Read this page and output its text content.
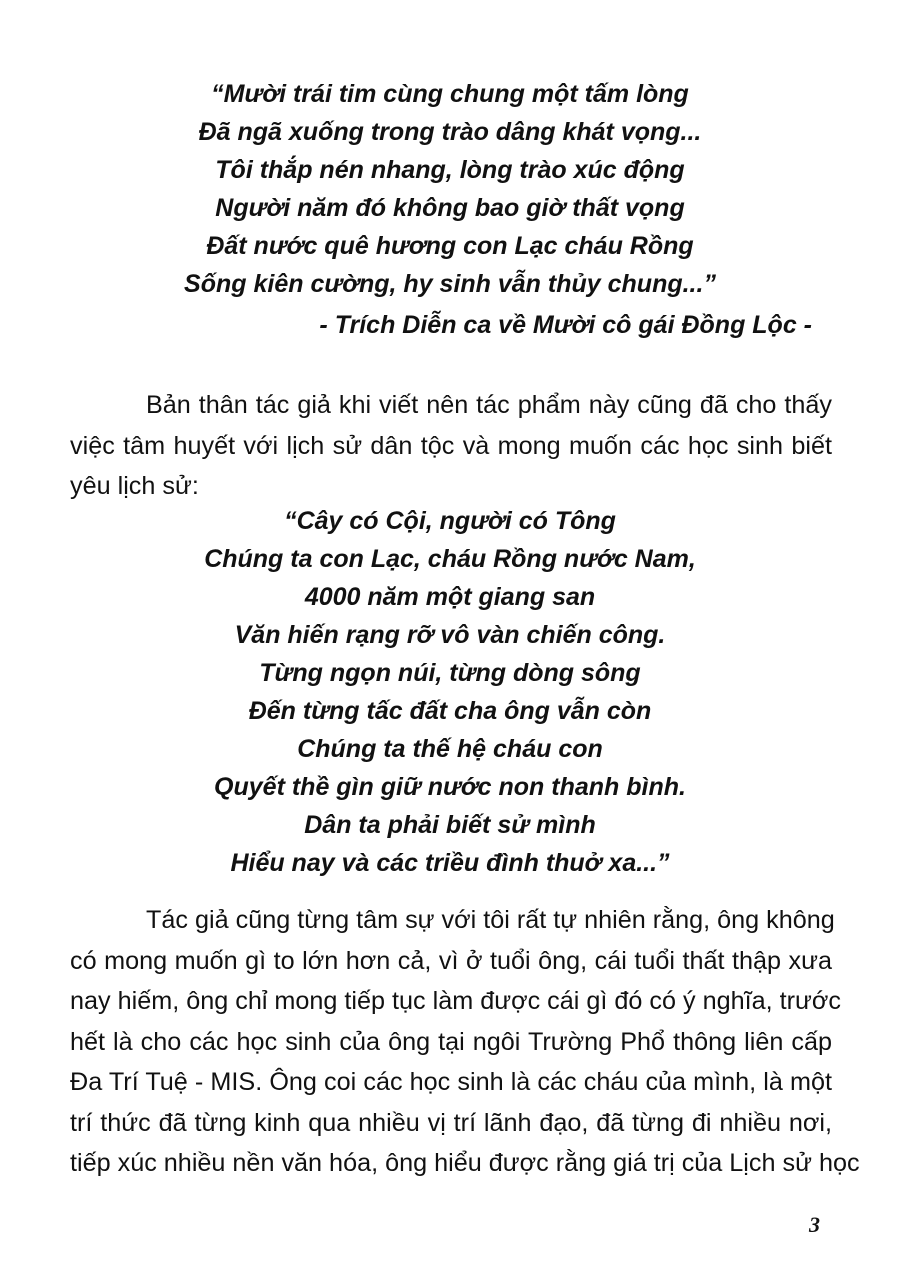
“Mười trái tim cùng chung một tấm lòng
Đã ngã xuống trong trào dâng khát vọng...
Tôi thắp nén nhang, lòng trào xúc động
Người năm đó không bao giờ thất vọng
Đất nước quê hương con Lạc cháu Rồng
Sống kiên cường, hy sinh vẫn thủy chung...”
- Trích Diễn ca về Mười cô gái Đồng Lộc -
Bản thân tác giả khi viết nên tác phẩm này cũng đã cho thấy
việc tâm huyết với lịch sử dân tộc và mong muốn các học sinh biết
yêu lịch sử:
“Cây có Cội, người có Tông
Chúng ta con Lạc, cháu Rồng nước Nam,
4000 năm một giang san
Văn hiến rạng rỡ vô vàn chiến công.
Từng ngọn núi, từng dòng sông
Đến từng tấc đất cha ông vẫn còn
Chúng ta thế hệ cháu con
Quyết thề gìn giữ nước non thanh bình.
Dân ta phải biết sử mình
Hiểu nay và các triều đình thuở xa...”
Tác giả cũng từng tâm sự với tôi rất tự nhiên rằng, ông không
có mong muốn gì to lớn hơn cả, vì ở tuổi ông, cái tuổi thất thập xưa
nay hiếm, ông chỉ mong tiếp tục làm được cái gì đó có ý nghĩa, trước
hết là cho các học sinh của ông tại ngôi Trường Phổ thông liên cấp
Đa Trí Tuệ - MIS. Ông coi các học sinh là các cháu của mình, là một
trí thức đã từng kinh qua nhiều vị trí lãnh đạo, đã từng đi nhiều nơi,
tiếp xúc nhiều nền văn hóa, ông hiểu được rằng giá trị của Lịch sử học
3
